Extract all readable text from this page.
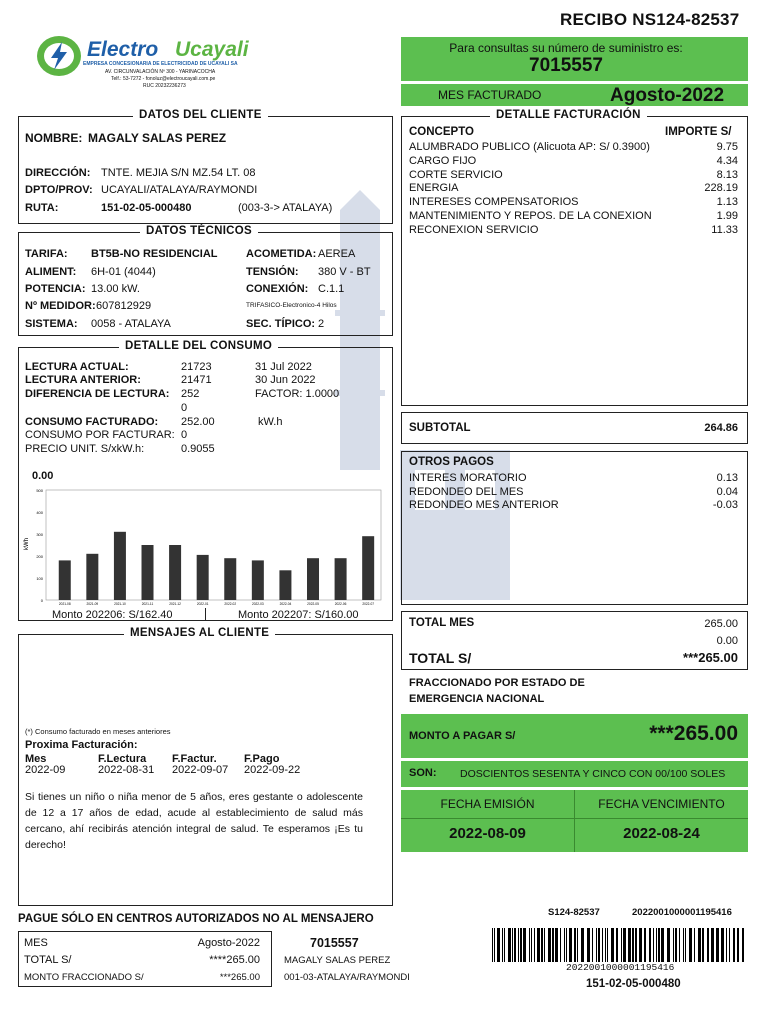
RECIBO NS124-82537
Electro Ucayali
EMPRESA CONCESIONARIA DE ELECTRICIDAD DE UCAYALI SA
AV. CIRCUNVALACIÓN Nº 300 - YARINACOCHA
Telf.: 53-7272 - fonoluz@electroucayali.com.pe
RUC 20232236273
Para consultas su número de suministro es:
7015557
MES FACTURADO	Agosto-2022
DATOS DEL CLIENTE
NOMBRE: MAGALY SALAS PEREZ
DIRECCIÓN: TNTE. MEJIA S/N MZ.54 LT. 08
DPTO/PROV: UCAYALI/ATALAYA/RAYMONDI
RUTA:	151-02-05-000480	(003-3-> ATALAYA)
DATOS TÉCNICOS
TARIFA: BT5B-NO RESIDENCIAL	ACOMETIDA: AEREA
ALIMENT: 6H-01 (4044)	TENSIÓN: 380 V - BT
POTENCIA: 13.00 kW.	CONEXIÓN: C.1.1
Nº MEDIDOR: 607812929	TRIFASICO-Electronico-4 Hilos
SISTEMA: 0058 - ATALAYA	SEC. TÍPICO: 2
DETALLE DEL CONSUMO
LECTURA ACTUAL:	21723	31 Jul 2022
LECTURA ANTERIOR:	21471	30 Jun 2022
DIFERENCIA DE LECTURA: 252	FACTOR: 1.0000
0
CONSUMO FACTURADO: 252.00	kW.h
CONSUMO POR FACTURAR: 0
PRECIO UNIT. S/xkW.h:	0.9055
0.00
kWh
500
400
300
200
100
0
2021-08	2021-09	2021-10	2021-11	2021-12	2022-01	2022-02	2022-03	2022-04	2022-05	2022-06	2022-07
Monto 202206: S/162.40	Monto 202207: S/160.00
MENSAJES AL CLIENTE
(*) Consumo facturado en meses anteriores
Proxima Facturación:
Mes	F.Lectura F.Factur. F.Pago
2022-09	2022-08-31 2022-09-07 2022-09-22
Si tienes un niño o niña menor de 5 años, eres gestante o adolescente de 12 a 17 años de edad, acude al establecimiento de salud más cercano, ahí recibirás atención integral de salud. Te esperamos ¡Es tu derecho!
DETALLE FACTURACIÓN
CONCEPTO	IMPORTE S/
ALUMBRADO PUBLICO (Alicuota AP: S/ 0.3900)	9.75
CARGO FIJO	4.34
CORTE SERVICIO	8.13
ENERGIA	228.19
INTERESES COMPENSATORIOS	1.13
MANTENIMIENTO Y REPOS. DE LA CONEXION	1.99
RECONEXION SERVICIO	11.33
SUBTOTAL	264.86
OTROS PAGOS
INTERES MORATORIO	0.13
REDONDEO DEL MES	0.04
REDONDEO MES ANTERIOR	-0.03
TOTAL MES	265.00
0.00
TOTAL S/	***265.00
FRACCIONADO POR ESTADO DE EMERGENCIA NACIONAL
MONTO A PAGAR S/	***265.00
SON: DOSCIENTOS SESENTA Y CINCO CON 00/100 SOLES
FECHA EMISIÓN	FECHA VENCIMIENTO
2022-08-09	2022-08-24
PAGUE SÓLO EN CENTROS AUTORIZADOS NO AL MENSAJERO
MES	Agosto-2022
TOTAL S/	****265.00
MONTO FRACCIONADO S/	***265.00
7015557
MAGALY SALAS PEREZ
001-03-ATALAYA/RAYMONDI
S124-82537	2022001000001195416
2022001000001195416
151-02-05-000480
